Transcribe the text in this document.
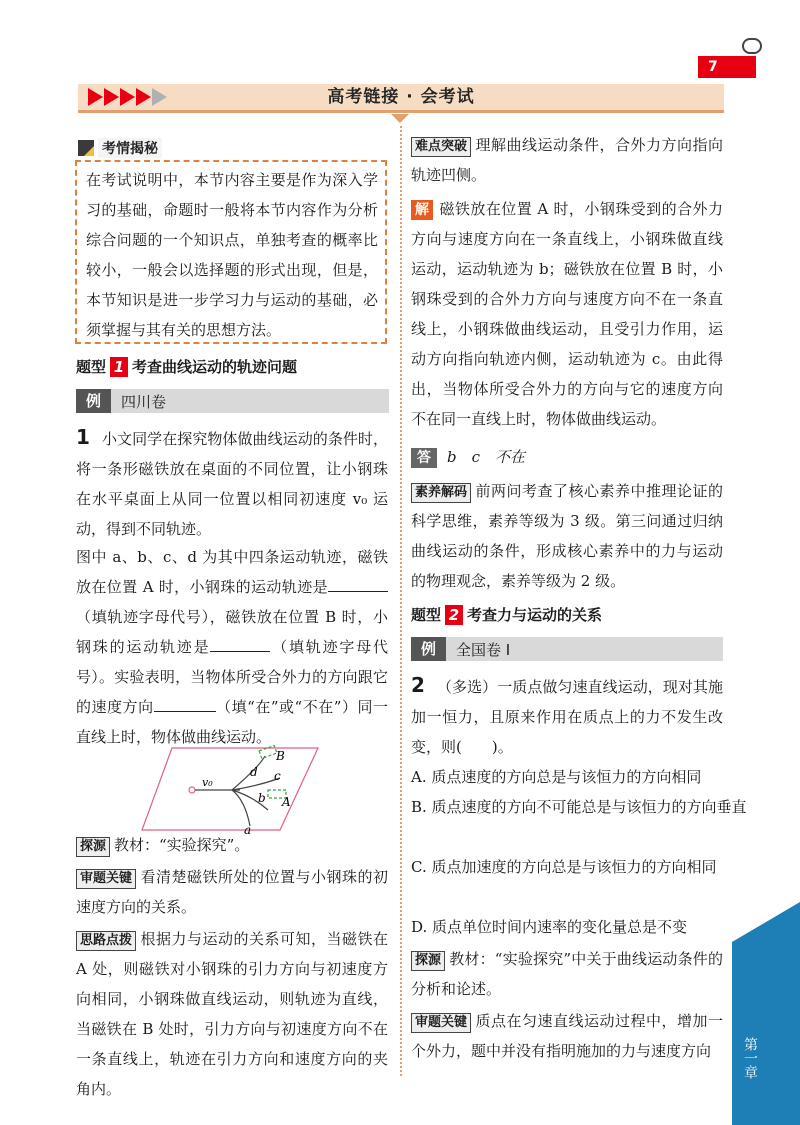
7
高考链接 · 会考试
考情揭秘
在考试说明中，本节内容主要是作为深入学习的基础，命题时一般将本节内容作为分析综合问题的一个知识点，单独考查的概率比较小，一般会以选择题的形式出现，但是，本节知识是进一步学习力与运动的基础，必须掌握与其有关的思想方法。
题型 1 考查曲线运动的轨迹问题
例	四川卷
1 小文同学在探究物体做曲线运动的条件时，将一条形磁铁放在桌面的不同位置，让小钢珠在水平桌面上从同一位置以相同初速度 v₀ 运动，得到不同轨迹。
图中 a、b、c、d 为其中四条运动轨迹，磁铁放在位置 A 时，小钢珠的运动轨迹是（填轨迹字母代号），磁铁放在位置 B 时，小钢珠的运动轨迹是	（填轨迹字母代号）。实验表明，当物体所受合外力的方向跟它的速度方向	（填“在”或“不在”）同一直线上时，物体做曲线运动。
v₀
B
d c
b A
a
探源 教材：“实验探究”。
审题关键 看清楚磁铁所处的位置与小钢珠的初速度方向的关系。
思路点拨 根据力与运动的关系可知，当磁铁在 A 处，则磁铁对小钢珠的引力方向与初速度方向相同，小钢珠做直线运动，则轨迹为直线，当磁铁在 B 处时，引力方向与初速度方向不在一条直线上，轨迹在引力方向和速度方向的夹角内。
难点突破 理解曲线运动条件，合外力方向指向轨迹凹侧。
解 磁铁放在位置 A 时，小钢珠受到的合外力方向与速度方向在一条直线上，小钢珠做直线运动，运动轨迹为 b；磁铁放在位置 B 时，小钢珠受到的合外力方向与速度方向不在一条直线上，小钢珠做曲线运动，且受引力作用，运动方向指向轨迹内侧，运动轨迹为 c。由此得出，当物体所受合外力的方向与它的速度方向不在同一直线上时，物体做曲线运动。
答 b　c　不在
素养解码 前两问考查了核心素养中推理论证的科学思维，素养等级为 3 级。第三问通过归纳曲线运动的条件，形成核心素养中的力与运动的物理观念，素养等级为 2 级。
题型 2 考查力与运动的关系
例	全国卷 I
2 （多选）一质点做匀速直线运动，现对其施加一恒力，且原来作用在质点上的力不发生改变，则(　　)。
A. 质点速度的方向总是与该恒力的方向相同
B. 质点速度的方向不可能总是与该恒力的方向垂直
C. 质点加速度的方向总是与该恒力的方向相同
D. 质点单位时间内速率的变化量总是不变
探源 教材：“实验探究”中关于曲线运动条件的分析和论述。
审题关键 质点在匀速直线运动过程中，增加一个外力，题中并没有指明施加的力与速度方向	第一章
